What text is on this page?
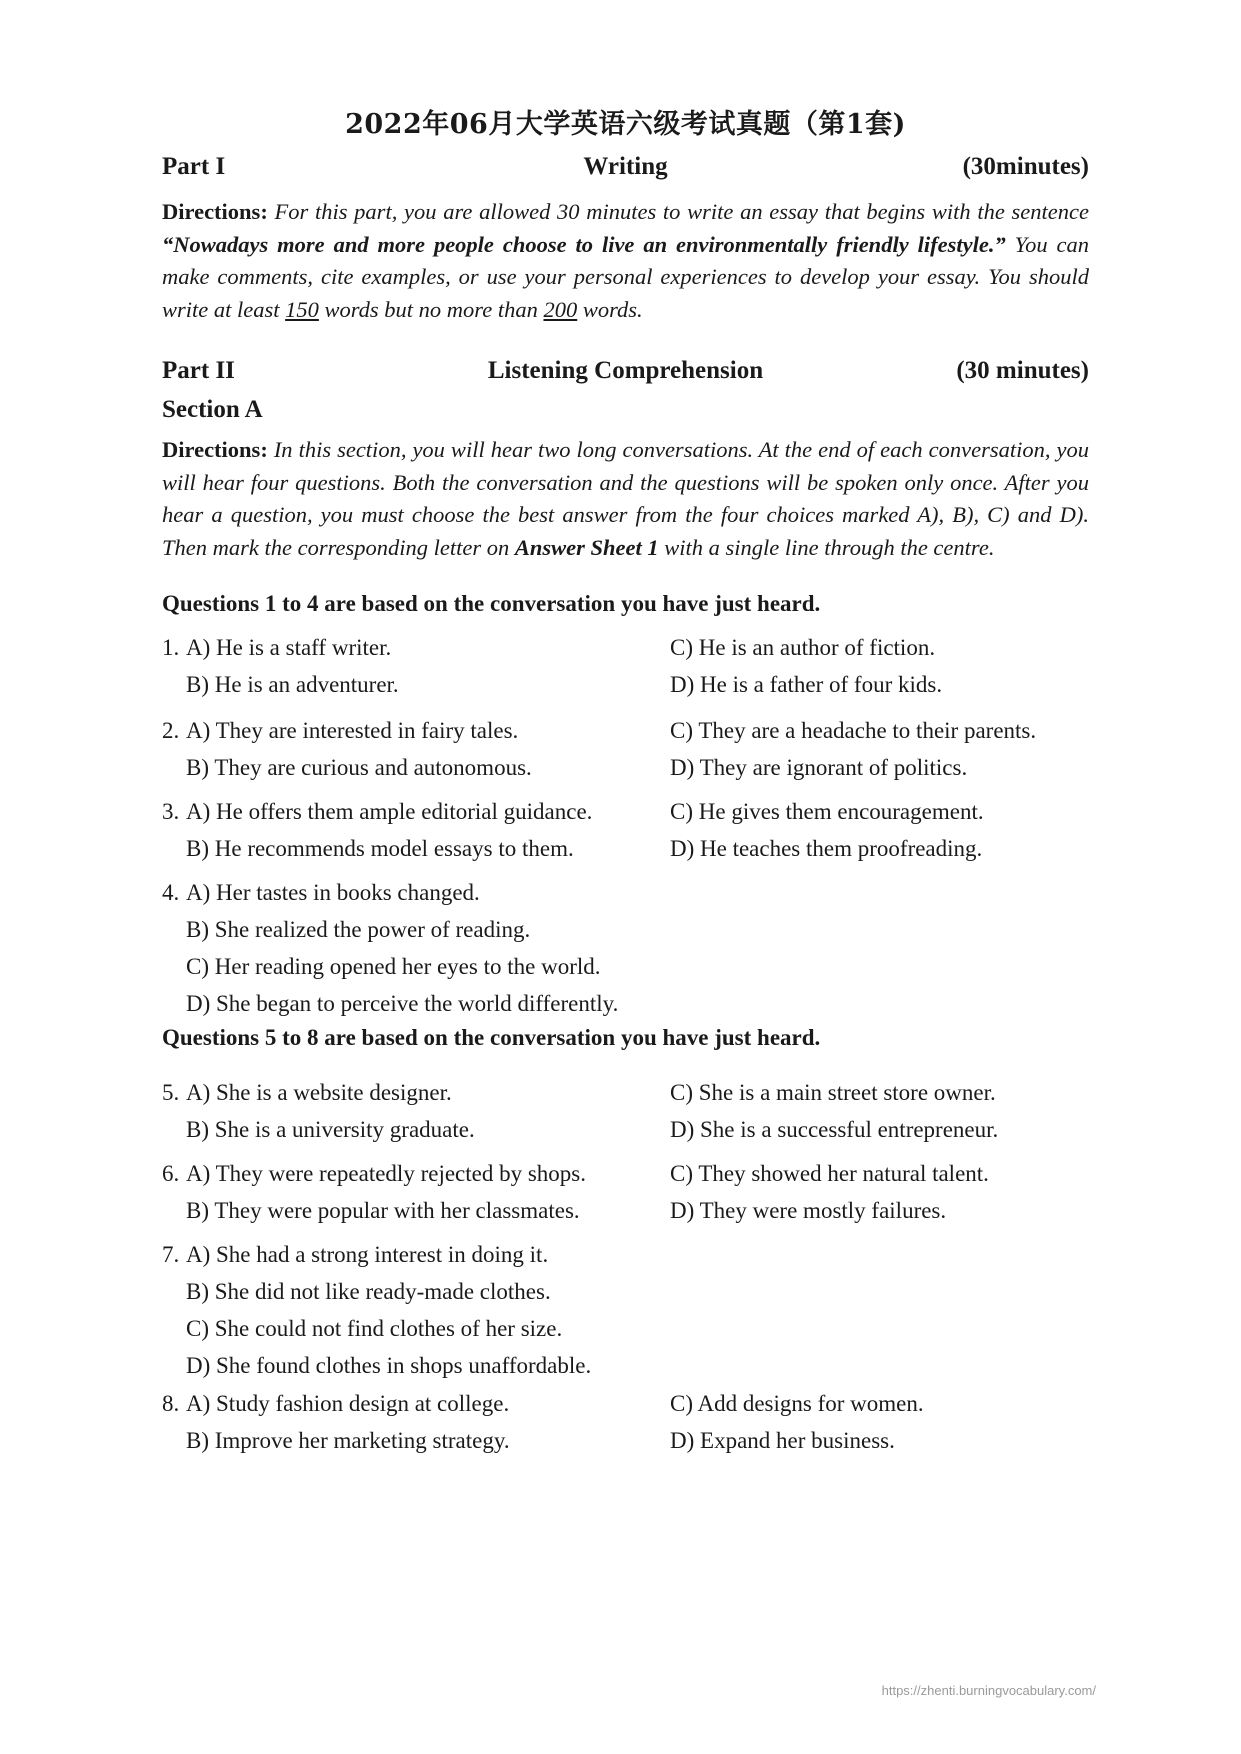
2022年06月大学英语六级考试真题（第1套)
Part I	Writing	(30minutes)
Directions: For this part, you are allowed 30 minutes to write an essay that begins with the sentence “Nowadays more and more people choose to live an environmentally friendly lifestyle.” You can make comments, cite examples, or use your personal experiences to develop your essay. You should write at least 150 words but no more than 200 words.
Part II	Listening Comprehension	(30 minutes)
Section A
Directions: In this section, you will hear two long conversations. At the end of each conversation, you will hear four questions. Both the conversation and the questions will be spoken only once. After you hear a question, you must choose the best answer from the four choices marked A), B), C) and D). Then mark the corresponding letter on Answer Sheet 1 with a single line through the centre.
Questions 1 to 4 are based on the conversation you have just heard.
1. A) He is a staff writer.	C) He is an author of fiction.
B) He is an adventurer.	D) He is a father of four kids.
2. A) They are interested in fairy tales.	C) They are a headache to their parents.
B) They are curious and autonomous.	D) They are ignorant of politics.
3. A) He offers them ample editorial guidance.	C) He gives them encouragement.
B) He recommends model essays to them.	D) He teaches them proofreading.
4. A) Her tastes in books changed.
B) She realized the power of reading.
C) Her reading opened her eyes to the world.
D) She began to perceive the world differently.
Questions 5 to 8 are based on the conversation you have just heard.
5. A) She is a website designer.	C) She is a main street store owner.
B) She is a university graduate.	D) She is a successful entrepreneur.
6. A) They were repeatedly rejected by shops.	C) They showed her natural talent.
B) They were popular with her classmates.	D) They were mostly failures.
7. A) She had a strong interest in doing it.
B) She did not like ready-made clothes.
C) She could not find clothes of her size.
D) She found clothes in shops unaffordable.
8. A) Study fashion design at college.	C) Add designs for women.
B) Improve her marketing strategy.	D) Expand her business.
https://zhenti.burningvocabulary.com/
